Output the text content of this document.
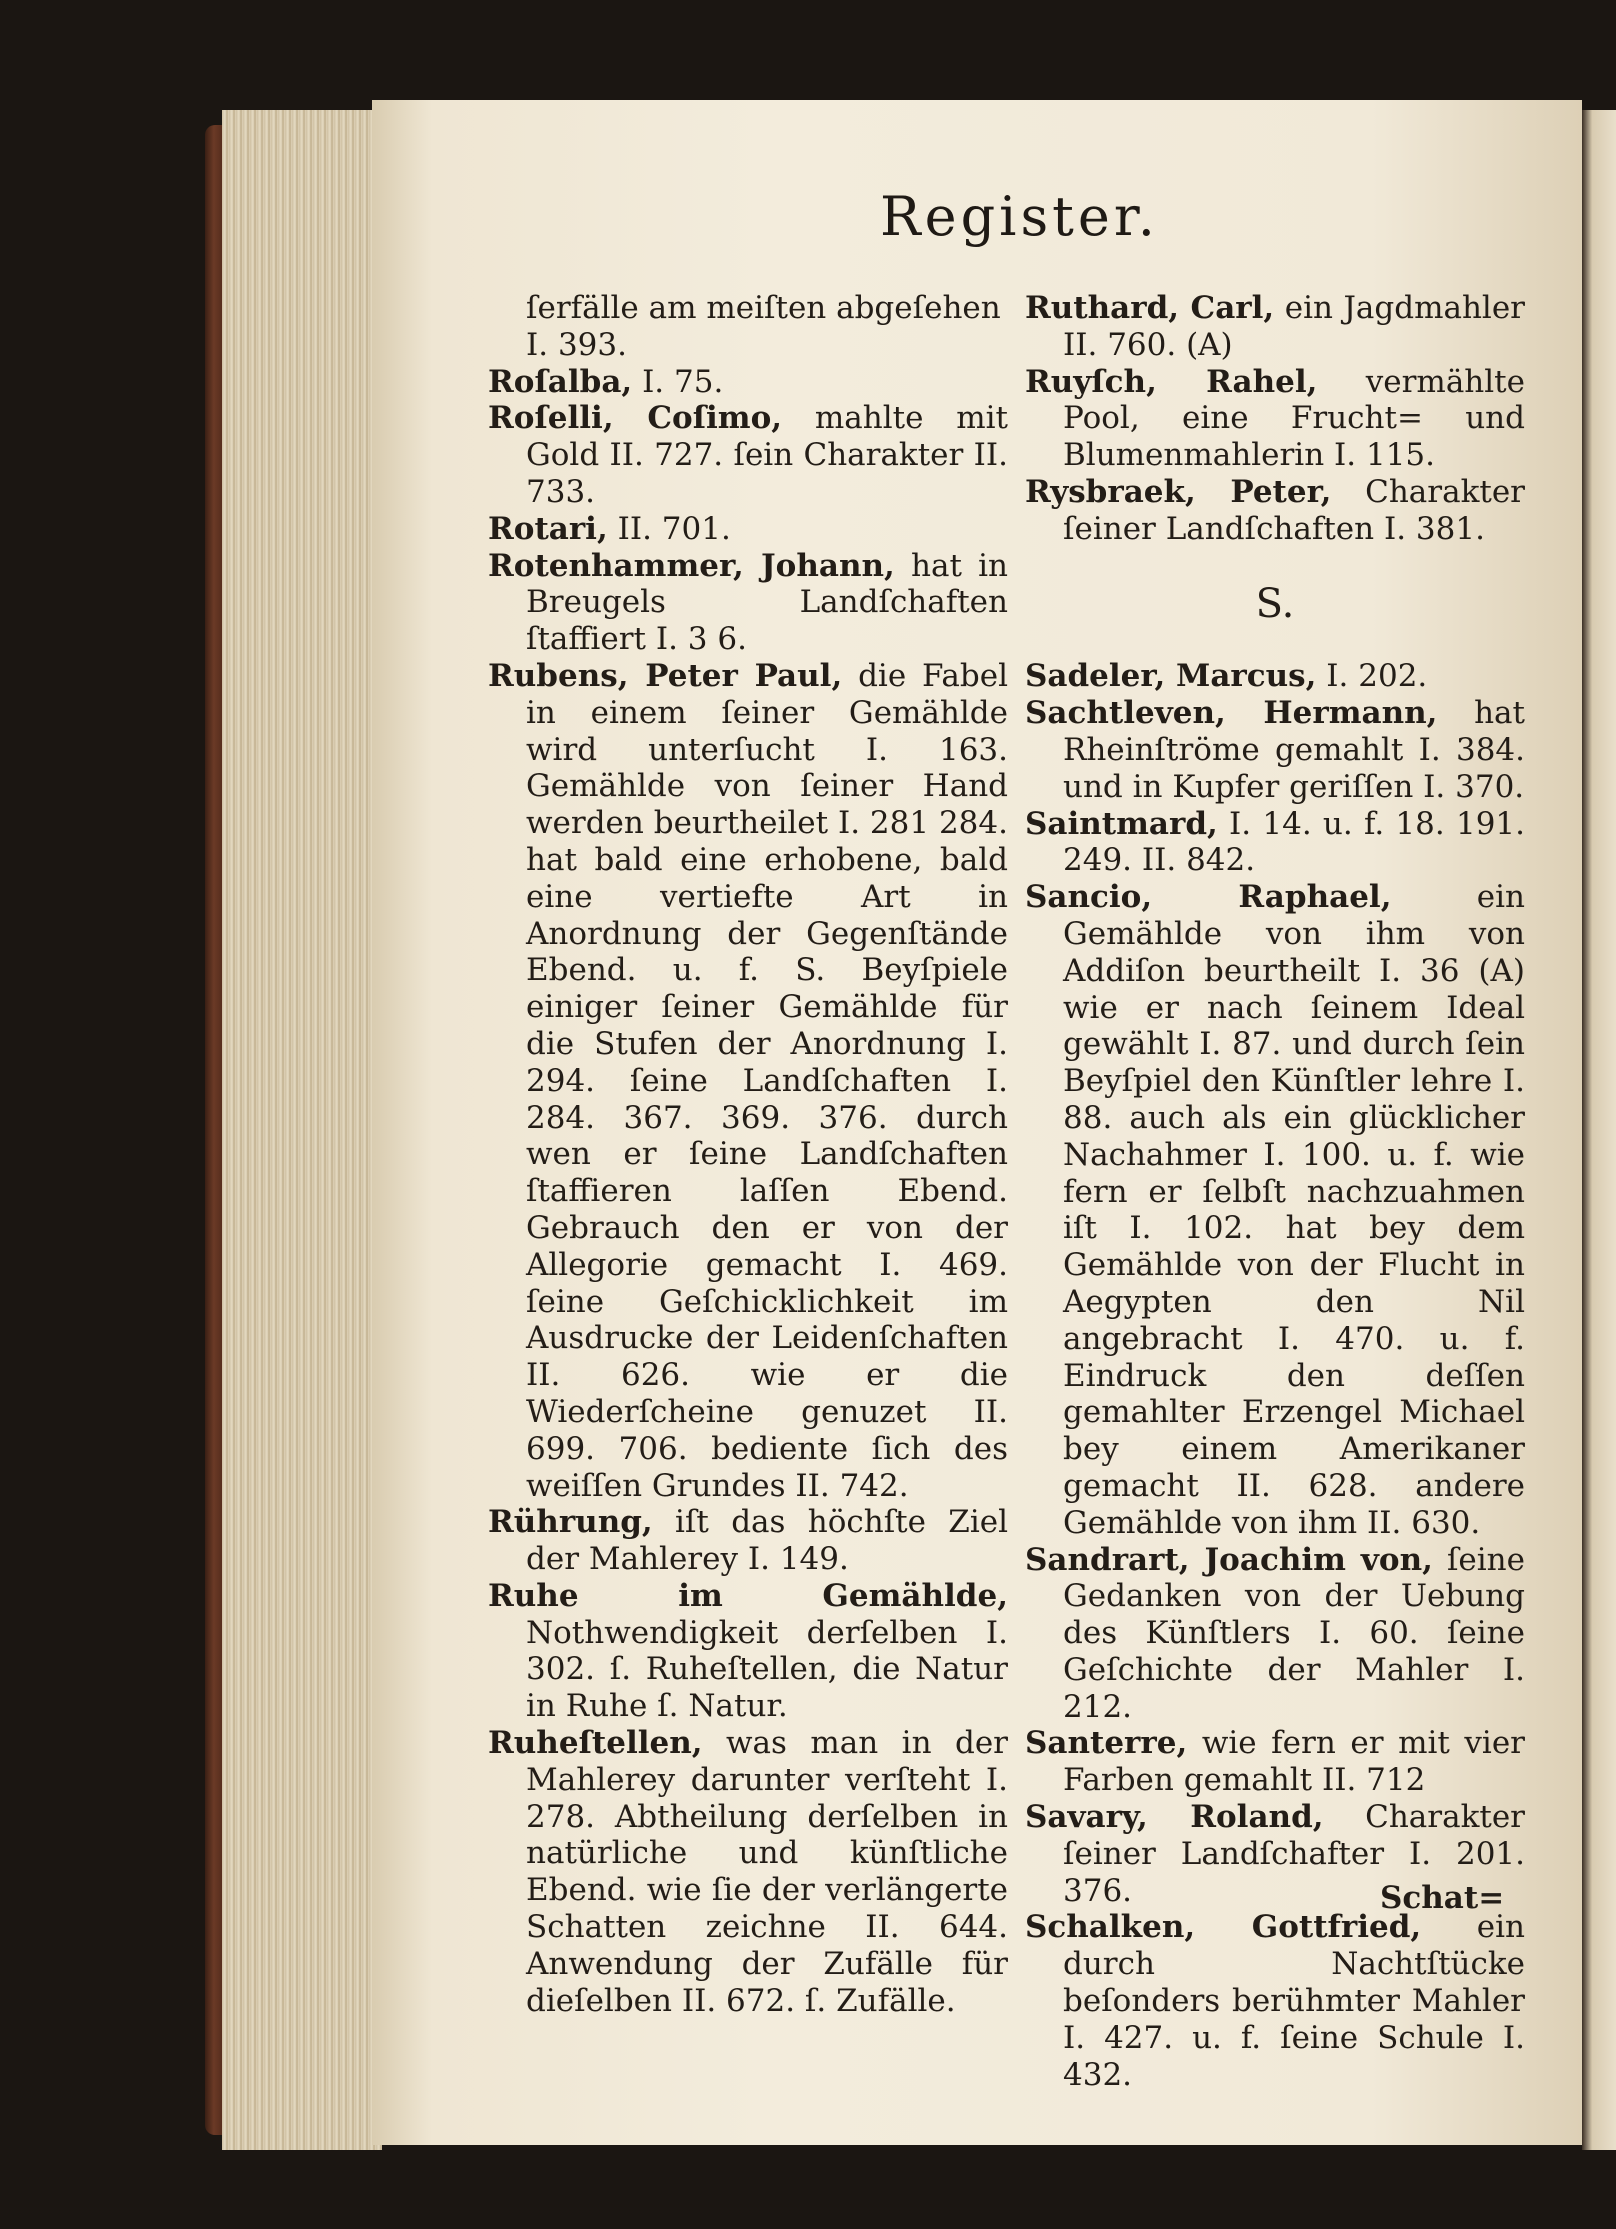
Register.

ſerfälle am meiſten abgeſehen I. 393.

Roſalba, I. 75.

Roſelli, Coſimo, mahlte mit Gold II. 727. ſein Charakter II. 733.

Rotari, II. 701.

Rotenhammer, Johann, hat in Breugels Landſchaften ſtaffiert I. 3 6.

Rubens, Peter Paul, die Fabel in einem ſeiner Gemählde wird unterſucht I. 163. Gemählde von ſeiner Hand werden beurtheilet I. 281 284. hat bald eine erhobene, bald eine vertiefte Art in Anordnung der Gegenſtände Ebend. u. f. S. Beyſpiele einiger ſeiner Gemählde für die Stufen der Anordnung I. 294. ſeine Landſchaften I. 284. 367. 369. 376. durch wen er ſeine Landſchaften ſtaffieren laſſen Ebend. Gebrauch den er von der Allegorie gemacht I. 469. ſeine Geſchicklichkeit im Ausdrucke der Leidenſchaften II. 626. wie er die Wiederſcheine genuzet II. 699. 706. bediente ſich des weiſſen Grundes II. 742.

Rührung, iſt das höchſte Ziel der Mahlerey I. 149.

Ruhe im Gemählde, Nothwendigkeit derſelben I. 302. ſ. Ruheſtellen, die Natur in Ruhe ſ. Natur.

Ruheſtellen, was man in der Mahlerey darunter verſteht I. 278. Abtheilung derſelben in natürliche und künſtliche Ebend. wie ſie der verlängerte Schatten zeichne II. 644. Anwendung der Zufälle für dieſelben II. 672. ſ. Zufälle.

Ruthard, Carl, ein Jagdmahler II. 760. (A)

Ruyſch, Rahel, vermählte Pool, eine Frucht= und Blumenmahlerin I. 115.

Rysbraek, Peter, Charakter ſeiner Landſchaften I. 381.

S.

Sadeler, Marcus, I. 202.

Sachtleven, Hermann, hat Rheinſtröme gemahlt I. 384. und in Kupfer geriſſen I. 370.

Saintmard, I. 14. u. f. 18. 191. 249. II. 842.

Sancio, Raphael,	ein Gemählde von ihm von Addiſon beurtheilt I. 36 (A) wie er nach ſeinem Ideal gewählt I. 87. und durch ſein Beyſpiel den Künſtler lehre I. 88. auch als ein glücklicher Nachahmer I. 100. u. f. wie fern er ſelbſt nachzuahmen iſt I. 102. hat bey dem Gemählde von der Flucht in Aegypten den Nil angebracht I. 470. u. f. Eindruck den deſſen gemahlter Erzengel Michael bey einem Amerikaner gemacht II. 628. andere Gemählde von ihm II. 630.

Sandrart, Joachim von, ſeine Gedanken von der Uebung des Künſtlers I. 60. ſeine Geſchichte der Mahler I. 212.

Santerre, wie fern er mit vier Farben gemahlt II. 712

Savary, Roland, Charakter ſeiner Landſchafter I. 201. 376.

Schalken, Gottfried, ein durch Nachtſtücke beſonders berühmter Mahler I. 427. u. f. ſeine Schule I. 432.

Schat=
